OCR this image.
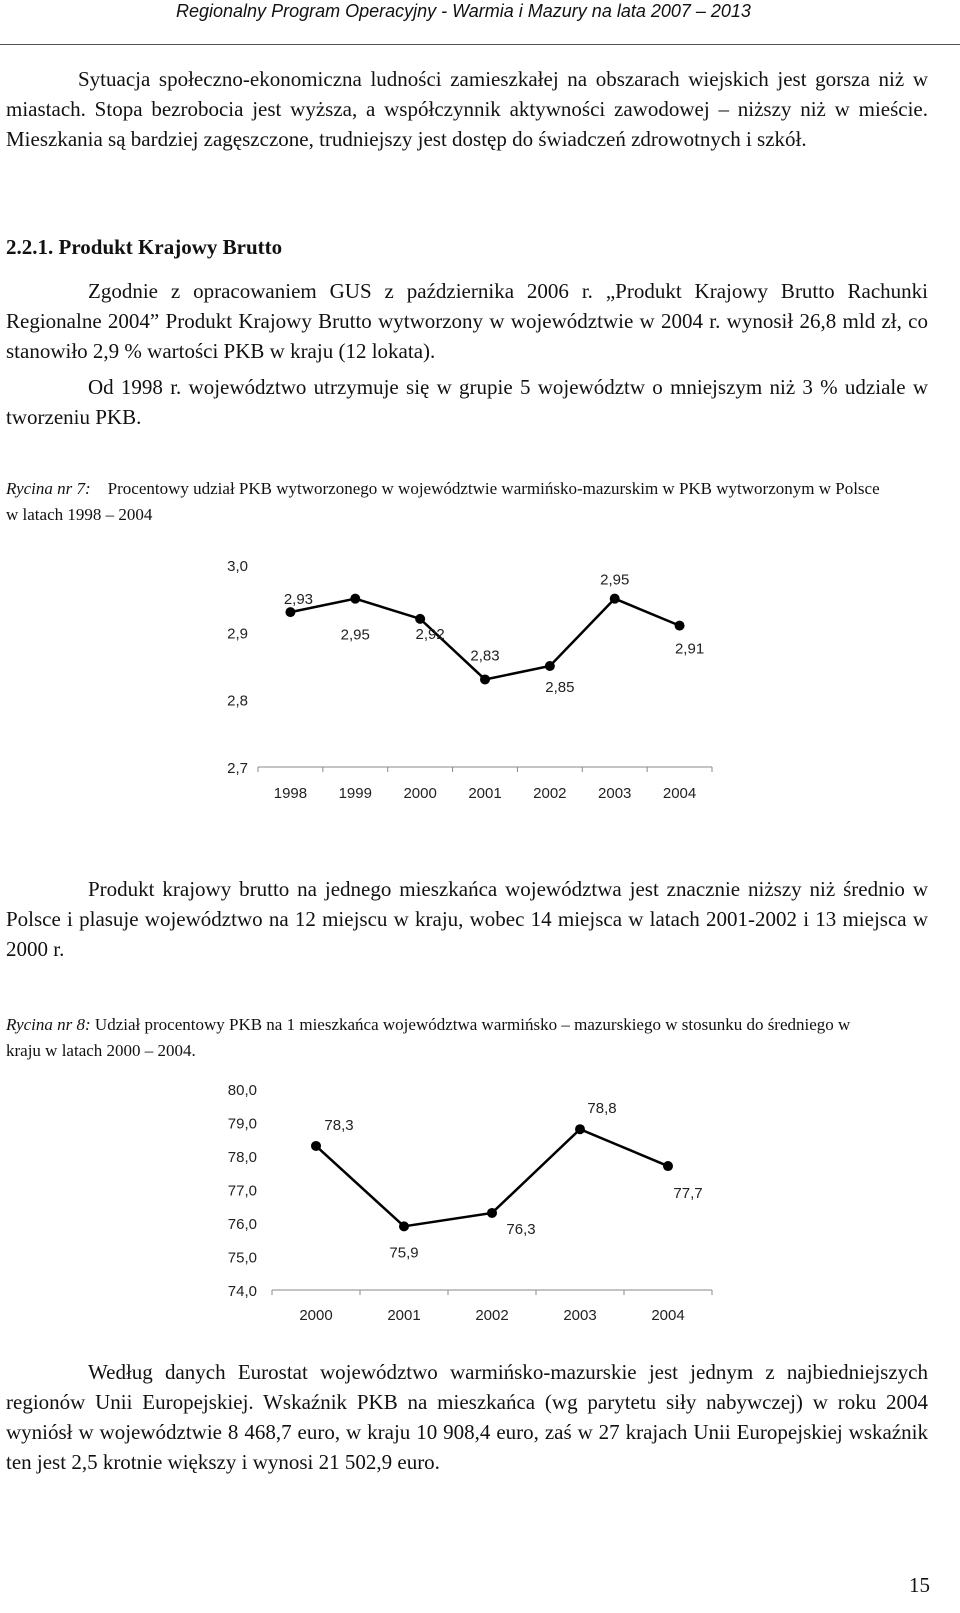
Regionalny Program Operacyjny - Warmia i Mazury na lata 2007 – 2013

Sytuacja społeczno-ekonomiczna ludności zamieszkałej na obszarach wiejskich jest gorsza niż w miastach. Stopa bezrobocia jest wyższa, a współczynnik aktywności zawodowej – niższy niż w mieście. Mieszkania są bardziej zagęszczone, trudniejszy jest dostęp do świadczeń zdrowotnych i szkół.

2.2.1. Produkt Krajowy Brutto

Zgodnie z opracowaniem GUS z października 2006 r. „Produkt Krajowy Brutto Rachunki Regionalne 2004” Produkt Krajowy Brutto wytworzony w województwie w 2004 r. wynosił 26,8 mld zł, co stanowiło 2,9 % wartości PKB w kraju (12 lokata).

Od 1998 r. województwo utrzymuje się w grupie 5 województw o mniejszym niż 3 % udziale w tworzeniu PKB.

Rycina nr 7: Procentowy udział PKB wytworzonego w województwie warmińsko-mazurskim w PKB wytworzonym w Polsce w latach 1998 – 2004

3,0
2,9
2,8
2,7
1998 1999 2000 2001 2002 2003 2004
2,93
2,95	2,92
2,83
2,85
2,95
2,91

Produkt krajowy brutto na jednego mieszkańca województwa jest znacznie niższy niż średnio w Polsce i plasuje województwo na 12 miejscu w kraju, wobec 14 miejsca w latach 2001-2002 i 13 miejsca w 2000 r.

Rycina nr 8: Udział procentowy PKB na 1 mieszkańca województwa warmińsko – mazurskiego w stosunku do średniego w kraju w latach 2000 – 2004.

80,0
79,0
78,0
77,0
76,0
75,0
74,0
2000	2001	2002	2003	2004
78,3
75,9
76,3
78,8
77,7

Według danych Eurostat województwo warmińsko-mazurskie jest jednym z najbiedniejszych regionów Unii Europejskiej. Wskaźnik PKB na mieszkańca (wg parytetu siły nabywczej) w roku 2004 wyniósł w województwie 8 468,7 euro, w kraju 10 908,4 euro, zaś w 27 krajach Unii Europejskiej wskaźnik ten jest 2,5 krotnie większy i wynosi 21 502,9 euro.

15
